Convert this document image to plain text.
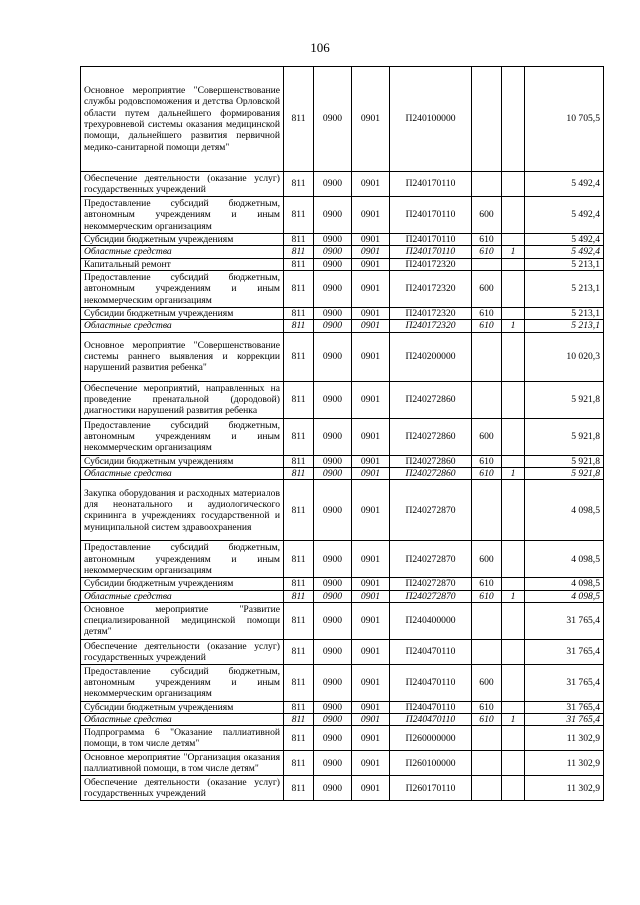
106
Основное мероприятие "Совершенствование службы родовспоможения и детства Орловской области путем дальнейшего формирования трехуровневой системы оказания медицинской помощи, дальнейшего развития первичной медико-санитарной помощи детям"	811	0900	0901	П240100000			10 705,5
Обеспечение деятельности (оказание услуг) государственных учреждений	811	0900	0901	П240170110			5 492,4
Предоставление субсидий бюджетным, автономным учреждениям и иным некоммерческим организациям	811	0900	0901	П240170110	600		5 492,4
Субсидии бюджетным учреждениям	811	0900	0901	П240170110	610		5 492,4
Областные средства	811	0900	0901	П240170110	610	1	5 492,4
Капитальный ремонт	811	0900	0901	П240172320			5 213,1
Предоставление субсидий бюджетным, автономным учреждениям и иным некоммерческим организациям	811	0900	0901	П240172320	600		5 213,1
Субсидии бюджетным учреждениям	811	0900	0901	П240172320	610		5 213,1
Областные средства	811	0900	0901	П240172320	610	1	5 213,1
Основное мероприятие "Совершенствование системы раннего выявления и коррекции нарушений развития ребенка"	811	0900	0901	П240200000			10 020,3
Обеспечение мероприятий, направленных на проведение пренатальной (дородовой) диагностики нарушений развития ребенка	811	0900	0901	П240272860			5 921,8
Предоставление субсидий бюджетным, автономным учреждениям и иным некоммерческим организациям	811	0900	0901	П240272860	600		5 921,8
Субсидии бюджетным учреждениям	811	0900	0901	П240272860	610		5 921,8
Областные средства	811	0900	0901	П240272860	610	1	5 921,8
Закупка оборудования и расходных материалов для неонатального и аудиологического скрининга в учреждениях государственной и муниципальной систем здравоохранения	811	0900	0901	П240272870			4 098,5
Предоставление субсидий бюджетным, автономным учреждениям и иным некоммерческим организациям	811	0900	0901	П240272870	600		4 098,5
Субсидии бюджетным учреждениям	811	0900	0901	П240272870	610		4 098,5
Областные средства	811	0900	0901	П240272870	610	1	4 098,5
Основное мероприятие "Развитие специализированной медицинской помощи детям"	811	0900	0901	П240400000			31 765,4
Обеспечение деятельности (оказание услуг) государственных учреждений	811	0900	0901	П240470110			31 765,4
Предоставление субсидий бюджетным, автономным учреждениям и иным некоммерческим организациям	811	0900	0901	П240470110	600		31 765,4
Субсидии бюджетным учреждениям	811	0900	0901	П240470110	610		31 765,4
Областные средства	811	0900	0901	П240470110	610	1	31 765,4
Подпрограмма 6 "Оказание паллиативной помощи, в том числе детям"	811	0900	0901	П260000000			11 302,9
Основное мероприятие "Организация оказания паллиативной помощи, в том числе детям"	811	0900	0901	П260100000			11 302,9
Обеспечение деятельности (оказание услуг) государственных учреждений	811	0900	0901	П260170110			11 302,9
